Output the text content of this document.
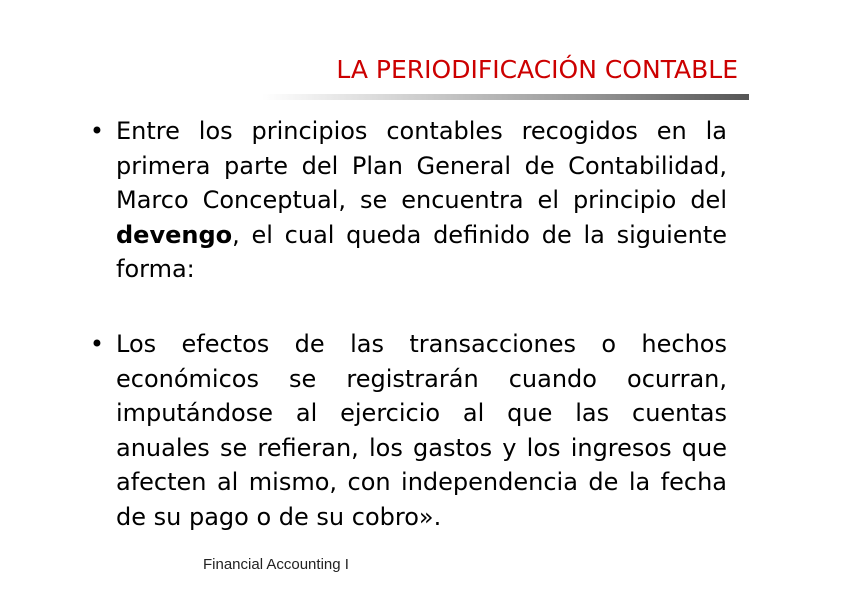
LA PERIODIFICACIÓN CONTABLE
• Entre los principios contables recogidos en la primera parte del Plan General de Contabilidad, Marco Conceptual, se encuentra el principio del devengo, el cual queda definido de la siguiente forma:
• Los efectos de las transacciones o hechos económicos se registrarán cuando ocurran, imputándose al ejercicio al que las cuentas anuales se refieran, los gastos y los ingresos que afecten al mismo, con independencia de la fecha de su pago o de su cobro».
Financial Accounting I
